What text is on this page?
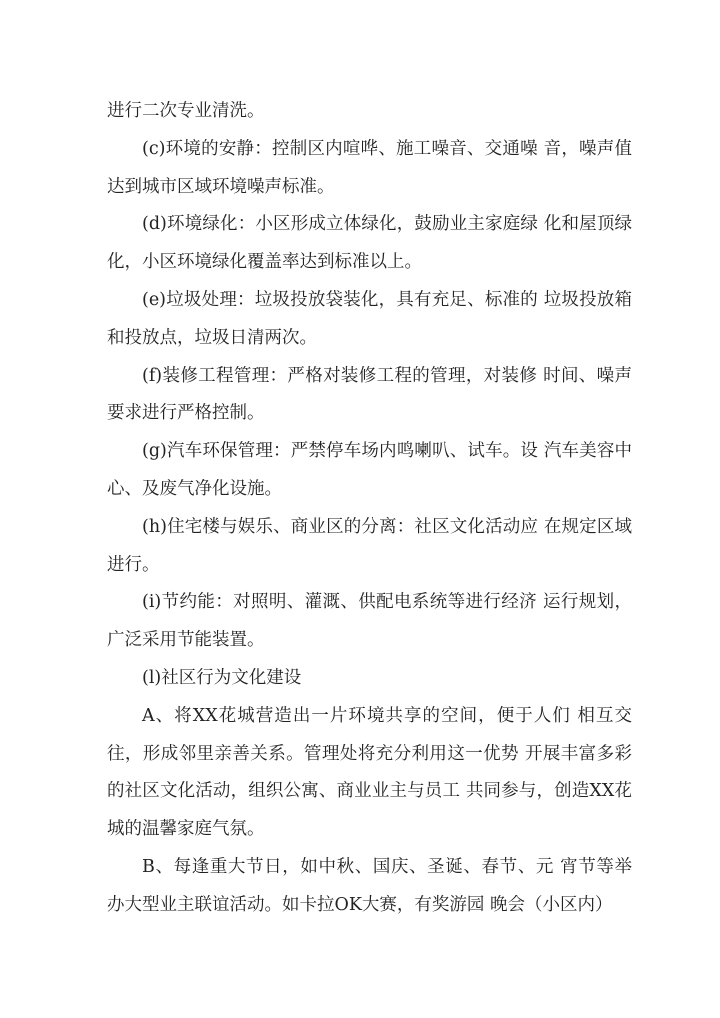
进行二次专业清洗。

(c)环境的安静：控制区内喧哗、施工噪音、交通噪 音，噪声值达到城市区域环境噪声标准。

(d)环境绿化：小区形成立体绿化，鼓励业主家庭绿 化和屋顶绿化，小区环境绿化覆盖率达到标准以上。

(e)垃圾处理：垃圾投放袋装化，具有充足、标准的 垃圾投放箱和投放点，垃圾日清两次。

(f)装修工程管理：严格对装修工程的管理，对装修 时间、噪声要求进行严格控制。

(g)汽车环保管理：严禁停车场内鸣喇叭、试车。设 汽车美容中心、及废气净化设施。

(h)住宅楼与娱乐、商业区的分离：社区文化活动应 在规定区域进行。

(i)节约能：对照明、灌溉、供配电系统等进行经济 运行规划，广泛采用节能装置。

(l)社区行为文化建设

A、将XX花城营造出一片环境共享的空间，便于人们 相互交往，形成邻里亲善关系。管理处将充分利用这一优势 开展丰富多彩的社区文化活动，组织公寓、商业业主与员工 共同参与，创造XX花城的温馨家庭气氛。

B、每逢重大节日，如中秋、国庆、圣诞、春节、元 宵节等举办大型业主联谊活动。如卡拉OK大赛，有奖游园 晚会（小区内）
